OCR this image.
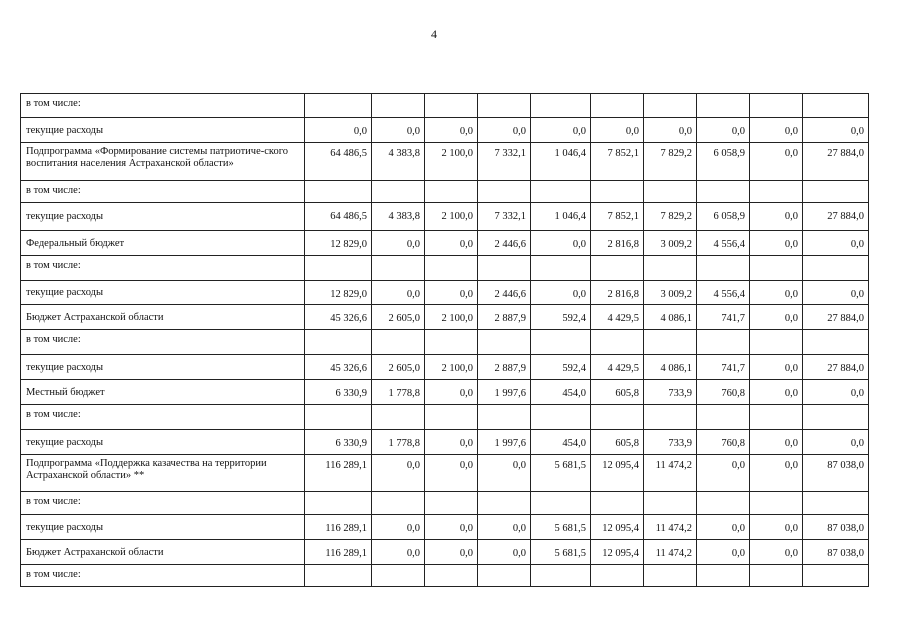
4
в том числе:										
текущие расходы	0,0	0,0	0,0	0,0	0,0	0,0	0,0	0,0	0,0	0,0
Подпрограмма «Формирование системы патриотиче-ского воспитания населения Астраханской области»	64 486,5	4 383,8	2 100,0	7 332,1	1 046,4	7 852,1	7 829,2	6 058,9	0,0	27 884,0
в том числе:										
текущие расходы	64 486,5	4 383,8	2 100,0	7 332,1	1 046,4	7 852,1	7 829,2	6 058,9	0,0	27 884,0
Федеральный бюджет	12 829,0	0,0	0,0	2 446,6	0,0	2 816,8	3 009,2	4 556,4	0,0	0,0
в том числе:										
текущие расходы	12 829,0	0,0	0,0	2 446,6	0,0	2 816,8	3 009,2	4 556,4	0,0	0,0
Бюджет Астраханской области	45 326,6	2 605,0	2 100,0	2 887,9	592,4	4 429,5	4 086,1	741,7	0,0	27 884,0
в том числе:										
текущие расходы	45 326,6	2 605,0	2 100,0	2 887,9	592,4	4 429,5	4 086,1	741,7	0,0	27 884,0
Местный бюджет	6 330,9	1 778,8	0,0	1 997,6	454,0	605,8	733,9	760,8	0,0	0,0
в том числе:										
текущие расходы	6 330,9	1 778,8	0,0	1 997,6	454,0	605,8	733,9	760,8	0,0	0,0
Подпрограмма «Поддержка казачества на территории Астраханской области» **	116 289,1	0,0	0,0	0,0	5 681,5	12 095,4	11 474,2	0,0	0,0	87 038,0
в том числе:										
текущие расходы	116 289,1	0,0	0,0	0,0	5 681,5	12 095,4	11 474,2	0,0	0,0	87 038,0
Бюджет Астраханской области	116 289,1	0,0	0,0	0,0	5 681,5	12 095,4	11 474,2	0,0	0,0	87 038,0
в том числе:										
